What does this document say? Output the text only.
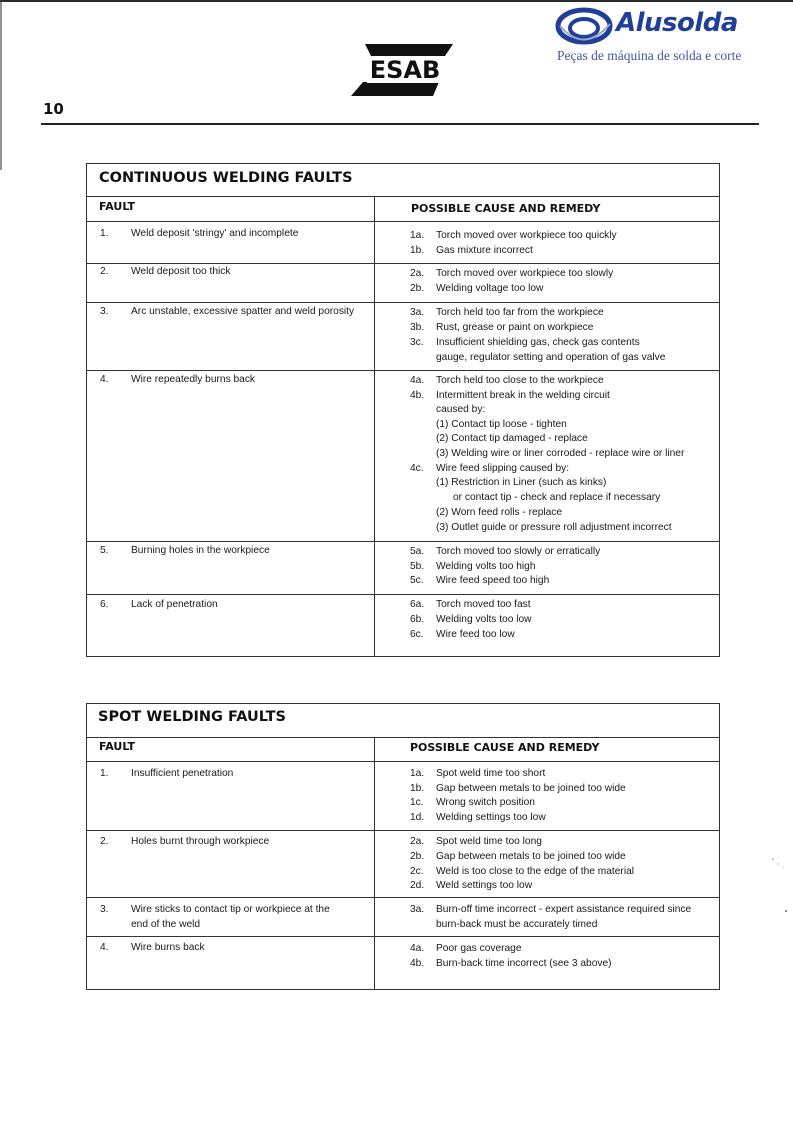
ESAB
Alusolda
Peças de máquina de solda e corte
10
CONTINUOUS WELDING FAULTS
FAULT	POSSIBLE CAUSE AND REMEDY
1. Weld deposit 'stringy' and incomplete	1a. Torch moved over workpiece too quickly
1b. Gas mixture incorrect
2. Weld deposit too thick	2a. Torch moved over workpiece too slowly
2b. Welding voltage too low
3. Arc unstable, excessive spatter and weld porosity	3a. Torch held too far from the workpiece
3b. Rust, grease or paint on workpiece
3c. Insufficient shielding gas, check gas contents
gauge, regulator setting and operation of gas valve
4. Wire repeatedly burns back	4a. Torch held too close to the workpiece
4b. Intermittent break in the welding circuit
caused by:
(1) Contact tip loose - tighten
(2) Contact tip damaged - replace
(3) Welding wire or liner corroded - replace wire or liner
4c. Wire feed slipping caused by:
(1) Restriction in Liner (such as kinks)
or contact tip - check and replace if necessary
(2) Worn feed rolls - replace
(3) Outlet guide or pressure roll adjustment incorrect
5. Burning holes in the workpiece	5a. Torch moved too slowly or erratically
5b. Welding volts too high
5c. Wire feed speed too high
6. Lack of penetration	6a. Torch moved too fast
6b. Welding volts too low
6c. Wire feed too low
SPOT WELDING FAULTS
FAULT	POSSIBLE CAUSE AND REMEDY
1. Insufficient penetration	1a. Spot weld time too short
1b. Gap between metals to be joined too wide
1c. Wrong switch position
1d. Welding settings too low
2. Holes burnt through workpiece	2a. Spot weld time too long
2b. Gap between metals to be joined too wide
2c. Weld is too close to the edge of the material
2d. Weld settings too low
3. Wire sticks to contact tip or workpiece at the
end of the weld
3a. Burn-off time incorrect - expert assistance required since
burn-back must be accurately timed
4. Wire burns back	4a. Poor gas coverage
4b. Burn-back time incorrect (see 3 above)
